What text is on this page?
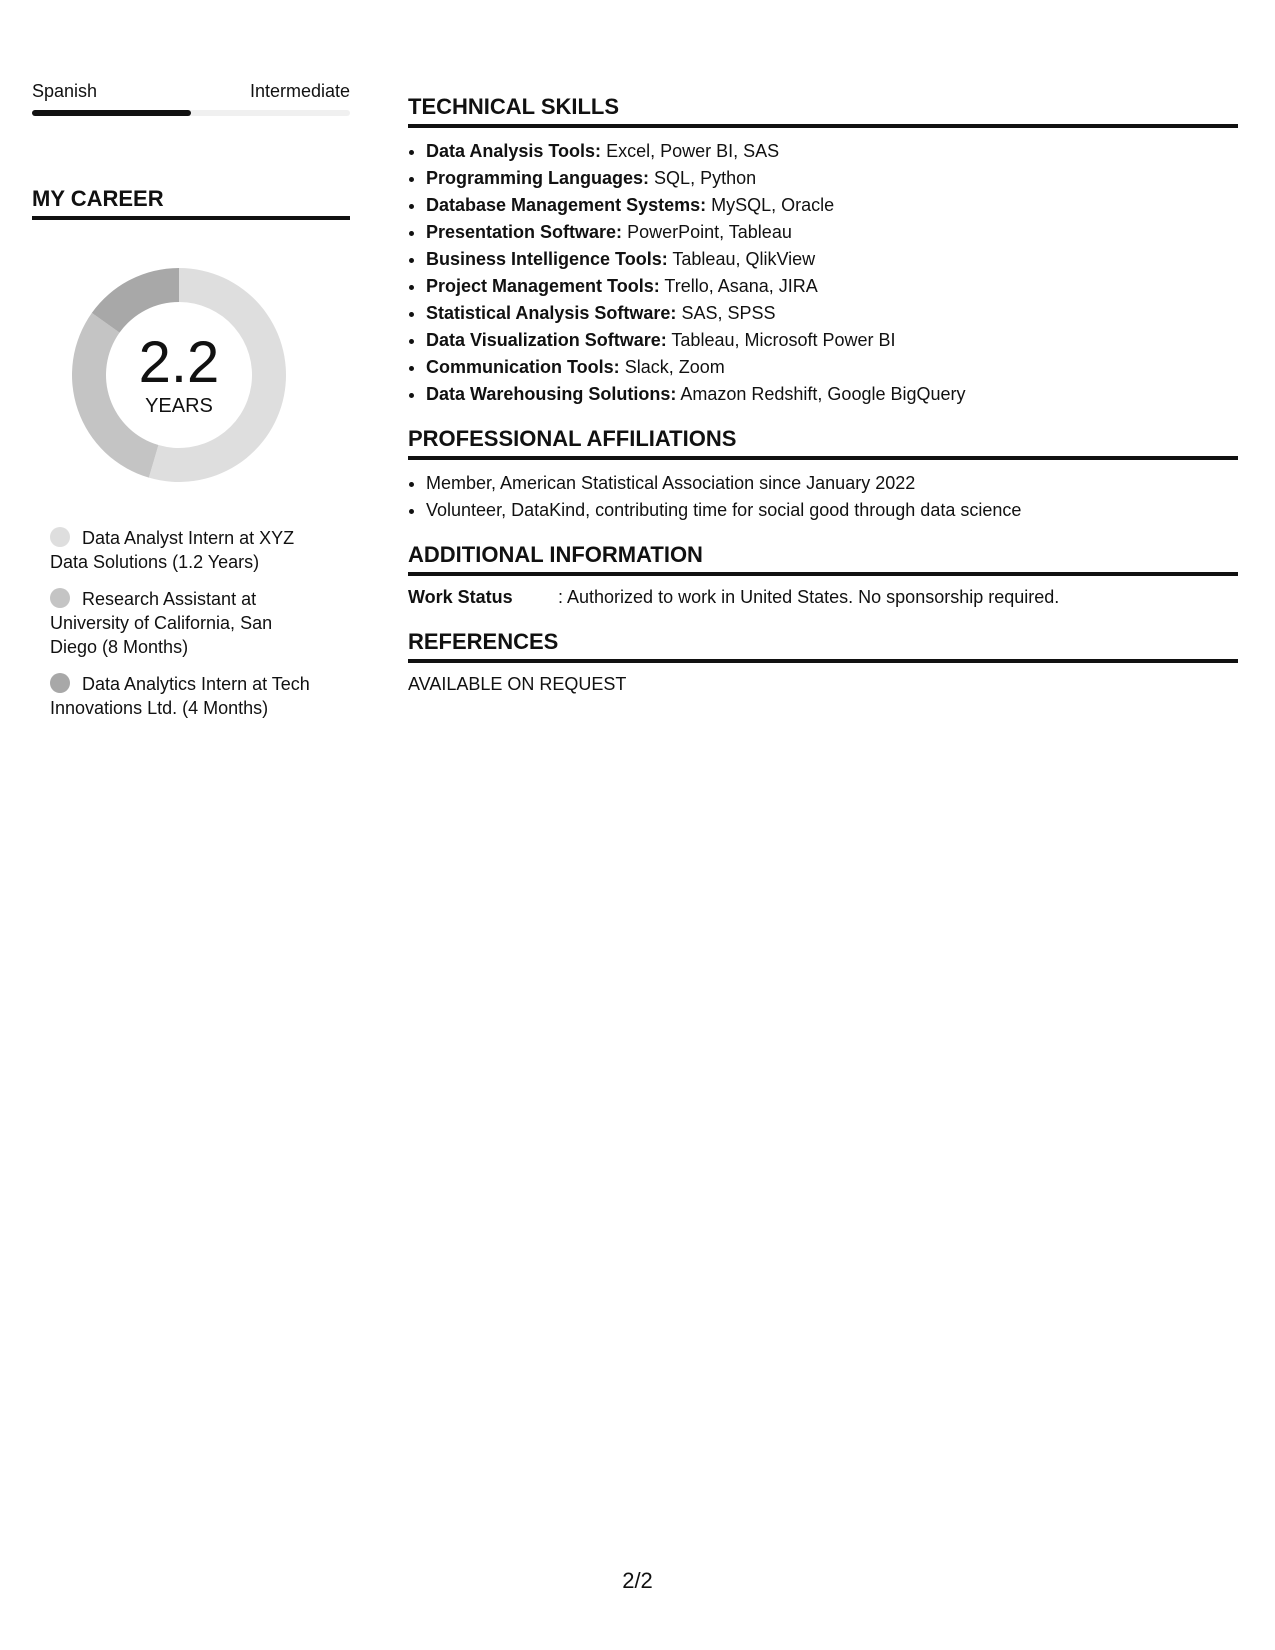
Spanish	Intermediate
MY CAREER
2.2
YEARS
Data Analyst Intern at XYZ Data Solutions (1.2 Years)
Research Assistant at University of California, San Diego (8 Months)
Data Analytics Intern at Tech Innovations Ltd. (4 Months)
TECHNICAL SKILLS
• Data Analysis Tools: Excel, Power BI, SAS
• Programming Languages: SQL, Python
• Database Management Systems: MySQL, Oracle
• Presentation Software: PowerPoint, Tableau
• Business Intelligence Tools: Tableau, QlikView
• Project Management Tools: Trello, Asana, JIRA
• Statistical Analysis Software: SAS, SPSS
• Data Visualization Software: Tableau, Microsoft Power BI
• Communication Tools: Slack, Zoom
• Data Warehousing Solutions: Amazon Redshift, Google BigQuery
PROFESSIONAL AFFILIATIONS
• Member, American Statistical Association since January 2022
• Volunteer, DataKind, contributing time for social good through data science
ADDITIONAL INFORMATION
Work Status	: Authorized to work in United States. No sponsorship required.
REFERENCES
AVAILABLE ON REQUEST
2/2
